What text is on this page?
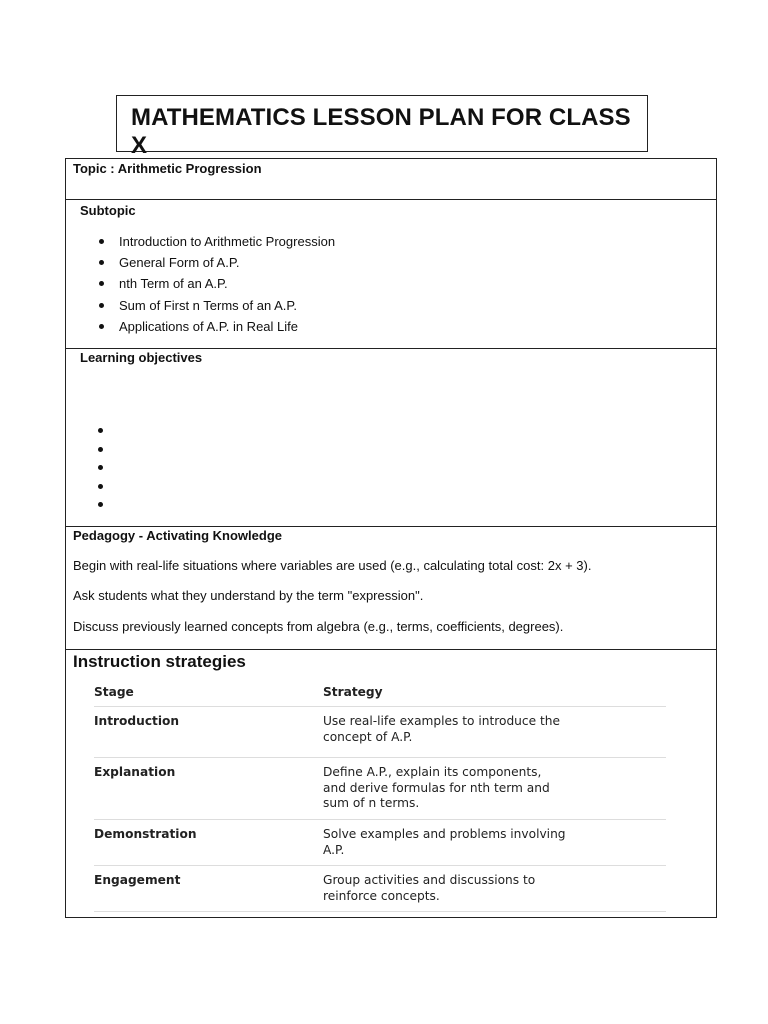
MATHEMATICS LESSON PLAN FOR CLASS X
Topic : Arithmetic Progression
Subtopic
Introduction to Arithmetic Progression
General Form of A.P.
nth Term of an A.P.
Sum of First n Terms of an A.P.
Applications of A.P. in Real Life
Learning objectives
Pedagogy - Activating Knowledge
Begin with real-life situations where variables are used (e.g., calculating total cost: 2x + 3).
Ask students what they understand by the term "expression".
Discuss previously learned concepts from algebra (e.g., terms, coefficients, degrees).
Instruction strategies
Stage	Strategy
Introduction	Use real-life examples to introduce the
concept of A.P.

Explanation	Define A.P., explain its components,
and derive formulas for nth term and
sum of n terms.

Demonstration	Solve examples and problems involving
A.P.

Engagement	Group activities and discussions to
reinforce concepts.
